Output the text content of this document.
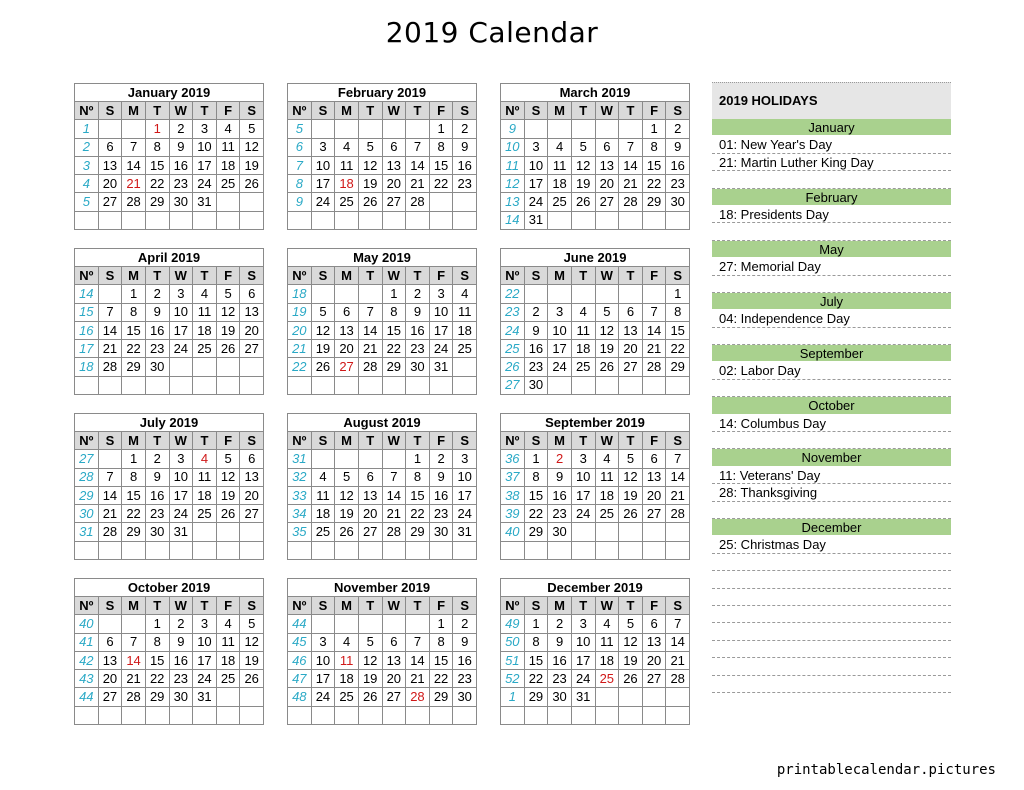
2019 Calendar
January 2019							
Nº	S	M	T	W	T	F	S
1			1	2	3	4	5
2	6	7	8	9	10	11	12
3	13	14	15	16	17	18	19
4	20	21	22	23	24	25	26
5	27	28	29	30	31		

February 2019							
Nº	S	M	T	W	T	F	S
5						1	2
6	3	4	5	6	7	8	9
7	10	11	12	13	14	15	16
8	17	18	19	20	21	22	23
9	24	25	26	27	28		

March 2019							
Nº	S	M	T	W	T	F	S
9						1	2
10	3	4	5	6	7	8	9
11	10	11	12	13	14	15	16
12	17	18	19	20	21	22	23
13	24	25	26	27	28	29	30
14	31						
April 2019							
Nº	S	M	T	W	T	F	S
14		1	2	3	4	5	6
15	7	8	9	10	11	12	13
16	14	15	16	17	18	19	20
17	21	22	23	24	25	26	27
18	28	29	30				

May 2019							
Nº	S	M	T	W	T	F	S
18				1	2	3	4
19	5	6	7	8	9	10	11
20	12	13	14	15	16	17	18
21	19	20	21	22	23	24	25
22	26	27	28	29	30	31	

June 2019							
Nº	S	M	T	W	T	F	S
22							1
23	2	3	4	5	6	7	8
24	9	10	11	12	13	14	15
25	16	17	18	19	20	21	22
26	23	24	25	26	27	28	29
27	30						
July 2019							
Nº	S	M	T	W	T	F	S
27		1	2	3	4	5	6
28	7	8	9	10	11	12	13
29	14	15	16	17	18	19	20
30	21	22	23	24	25	26	27
31	28	29	30	31			

August 2019							
Nº	S	M	T	W	T	F	S
31					1	2	3
32	4	5	6	7	8	9	10
33	11	12	13	14	15	16	17
34	18	19	20	21	22	23	24
35	25	26	27	28	29	30	31

September 2019							
Nº	S	M	T	W	T	F	S
36	1	2	3	4	5	6	7
37	8	9	10	11	12	13	14
38	15	16	17	18	19	20	21
39	22	23	24	25	26	27	28
40	29	30					

October 2019							
Nº	S	M	T	W	T	F	S
40			1	2	3	4	5
41	6	7	8	9	10	11	12
42	13	14	15	16	17	18	19
43	20	21	22	23	24	25	26
44	27	28	29	30	31		

November 2019							
Nº	S	M	T	W	T	F	S
44						1	2
45	3	4	5	6	7	8	9
46	10	11	12	13	14	15	16
47	17	18	19	20	21	22	23
48	24	25	26	27	28	29	30

December 2019							
Nº	S	M	T	W	T	F	S
49	1	2	3	4	5	6	7
50	8	9	10	11	12	13	14
51	15	16	17	18	19	20	21
52	22	23	24	25	26	27	28
1	29	30	31				

2019 HOLIDAYS
January
01: New Year's Day
21: Martin Luther King Day
February
18: Presidents Day
May
27: Memorial Day
July
04: Independence Day
September
02: Labor Day
October
14: Columbus Day
November
11: Veterans' Day
28: Thanksgiving
December
25: Christmas Day
printablecalendar.pictures
